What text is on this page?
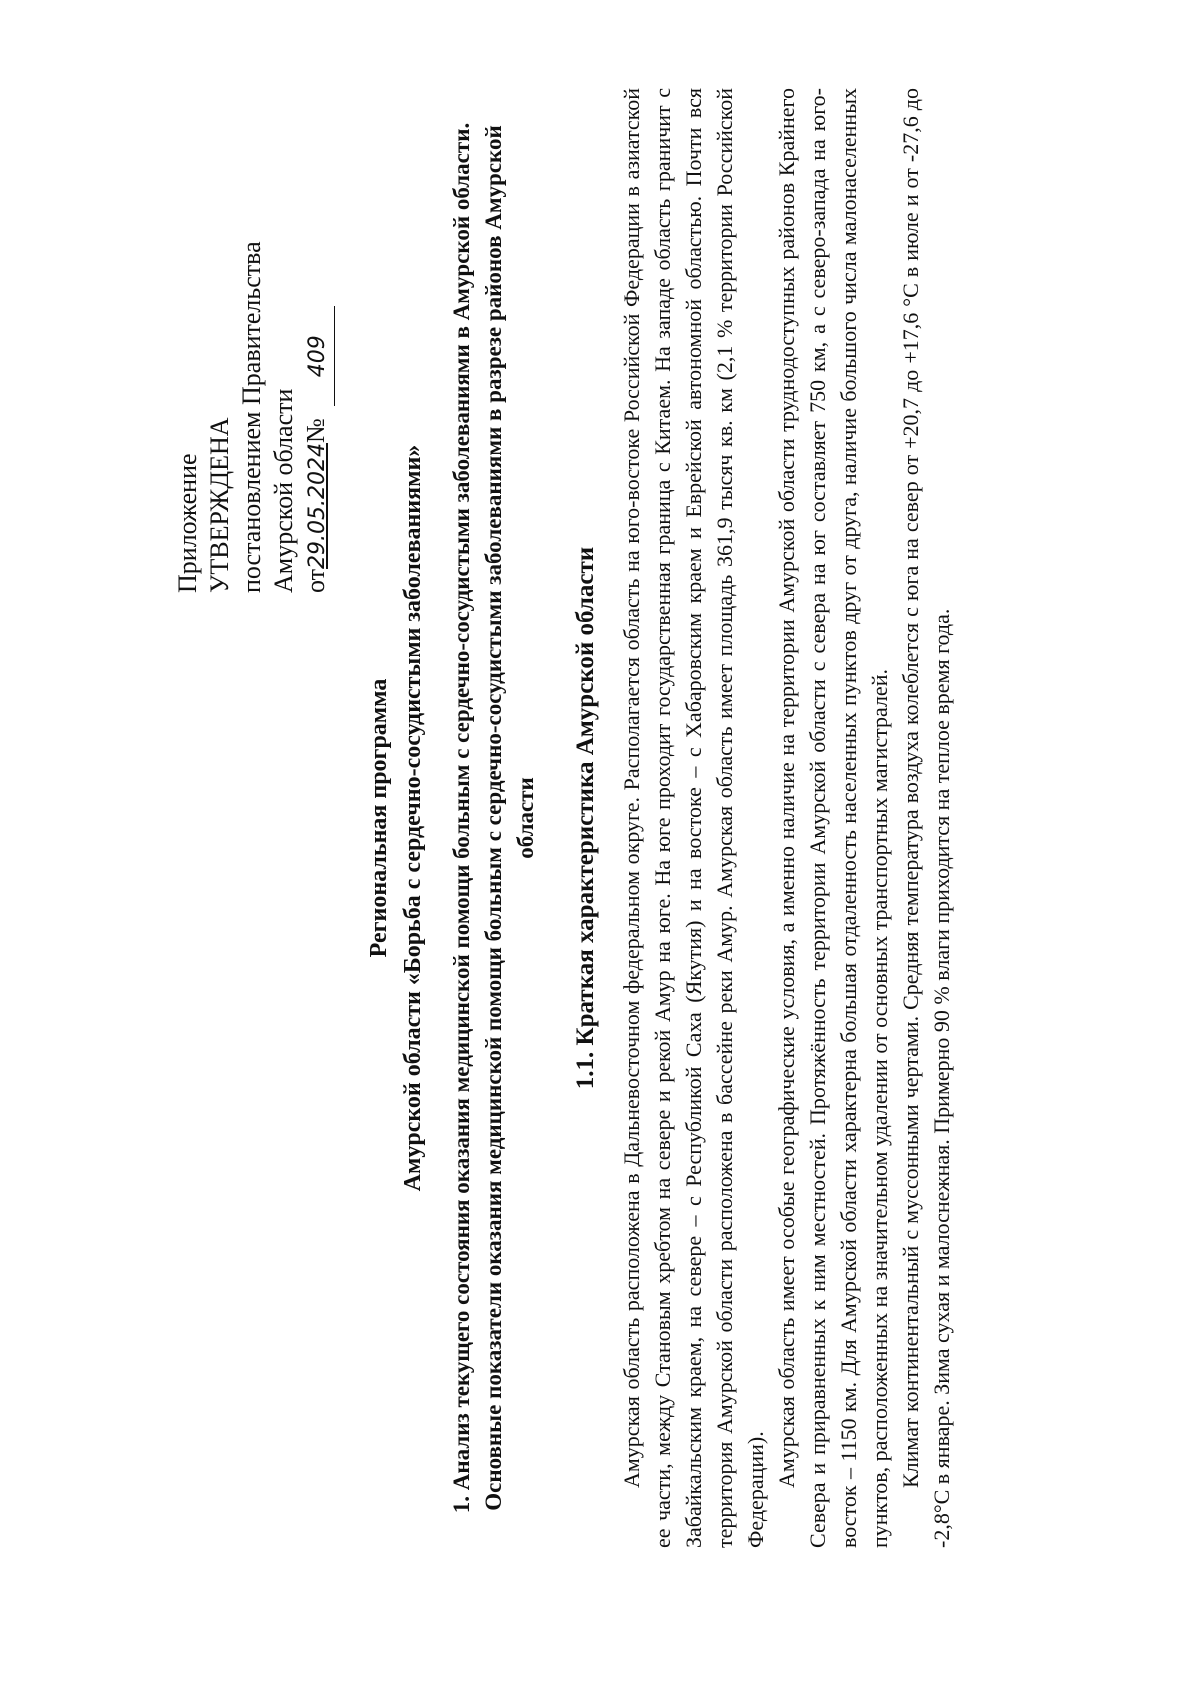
Приложение УТВЕРЖДЕНА постановлением Правительства Амурской области от29.05.2024№409
Региональная программа Амурской области «Борьба с сердечно-сосудистыми заболеваниями» 1. Анализ текущего состояния оказания медицинской помощи больным с сердечно-сосудистыми заболеваниями в Амурской области. Основные показатели оказания медицинской помощи больным с сердечно-сосудистыми заболеваниями в разрезе районов Амурской области 1.1. Краткая характеристика Амурской области Амурская область расположена в Дальневосточном федеральном округе. Располагается область на юго-востоке Российской Федерации в азиатской ее части, между Становым хребтом на севере и рекой Амур на юге. На юге проходит государственная граница с Китаем. На западе область граничит с Забайкальским краем, на севере – с Республикой Саха (Якутия) и на востоке – с Хабаровским краем и Еврейской автономной областью. Почти вся территория Амурской области расположена в бассейне реки Амур. Амурская область имеет площадь 361,9 тысяч кв. км (2,1 % территории Российской Федерации).

Амурская область имеет особые географические условия, а именно наличие на территории Амурской области труднодоступных районов Крайнего Севера и приравненных к ним местностей. Протяжённость территории Амурской области с севера на юг составляет 750 км, а с северо-запада на юго-восток – 1150 км. Для Амурской области характерна большая отдаленность населенных пунктов друг от друга, наличие большого числа малонаселенных пунктов, расположенных на значительном удалении от основных транспортных магистралей. Климат континентальный с муссонными чертами. Средняя температура воздуха колеблется с юга на север от +20,7 до +17,6 °С в июле и от -27,6 до -2,8°С в январе. Зима сухая и малоснежная. Примерно 90 % влаги приходится на теплое время года.
